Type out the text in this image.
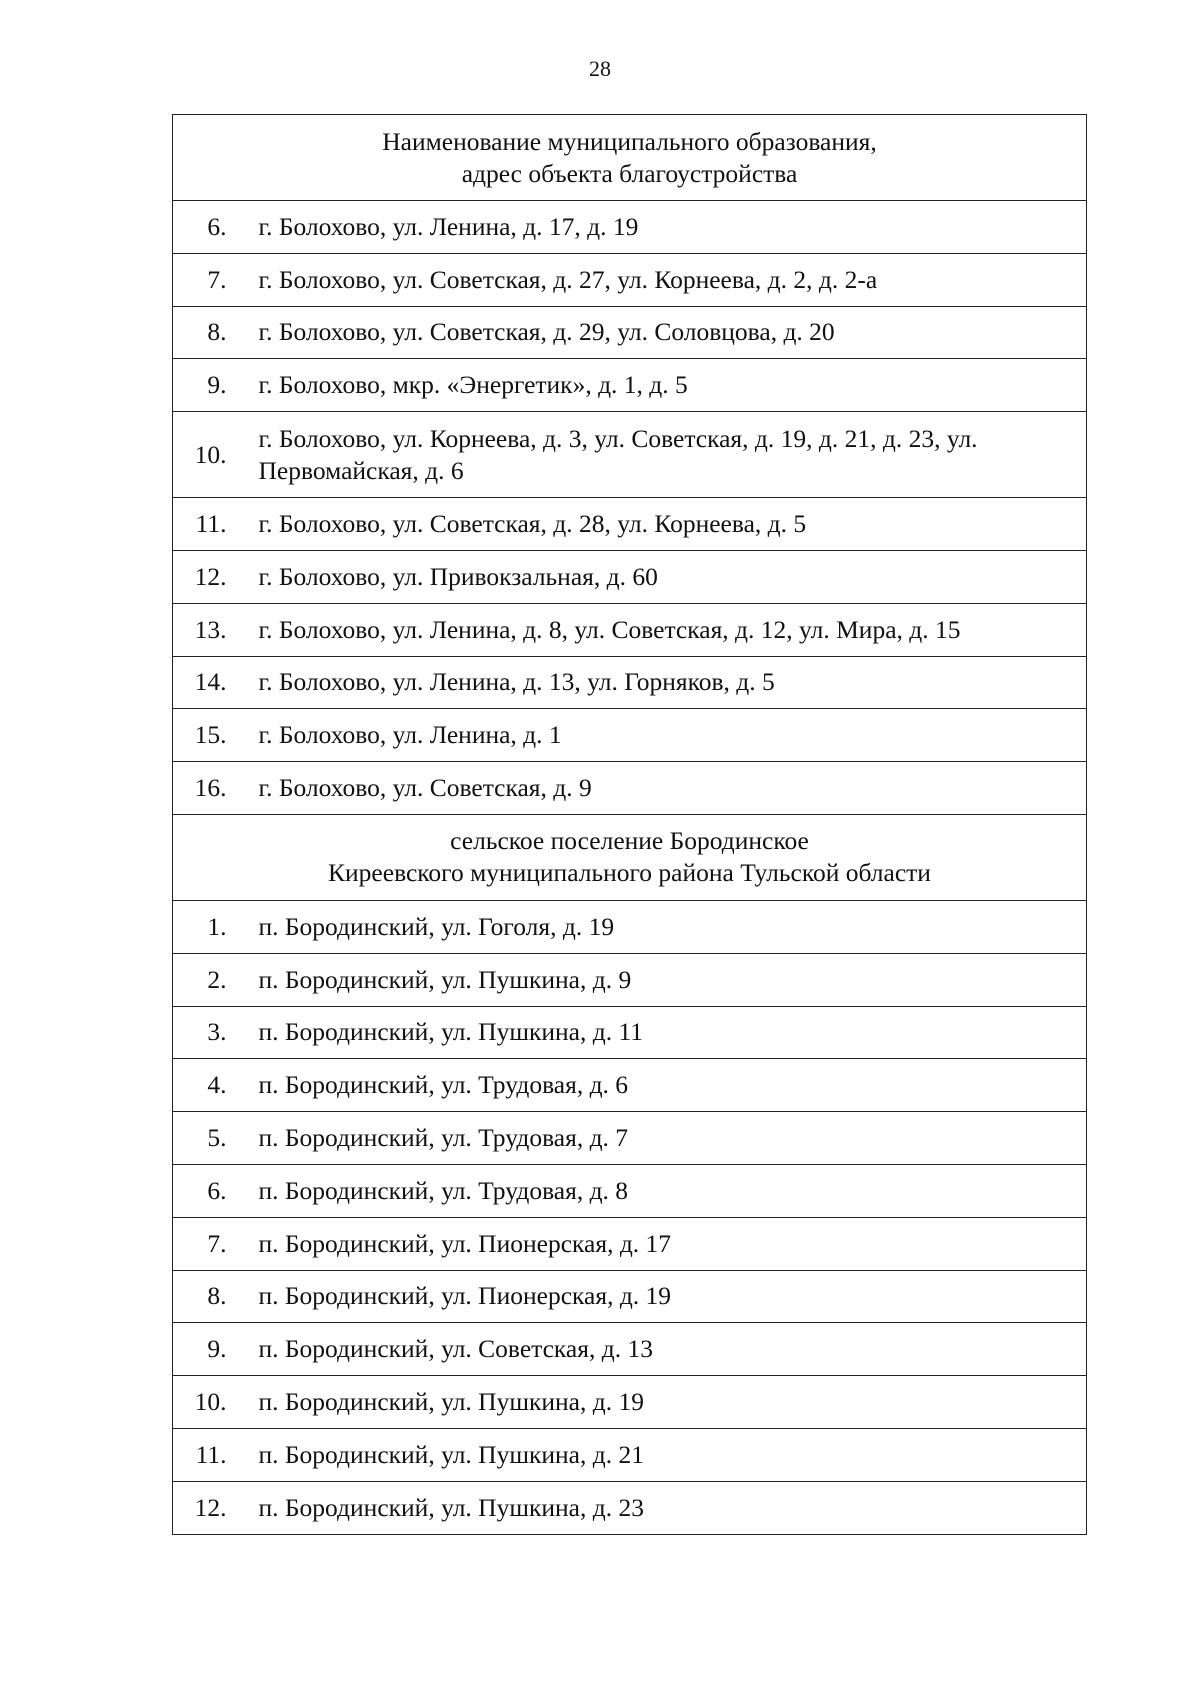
28
Наименование муниципального образования,
адрес объекта благоустройства	

6.	г. Болохово, ул. Ленина, д. 17, д. 19
7.	г. Болохово, ул. Советская, д. 27, ул. Корнеева, д. 2, д. 2-а
8.	г. Болохово, ул. Советская, д. 29, ул. Соловцова, д. 20
9.	г. Болохово, мкр. «Энергетик», д. 1, д. 5
10.	г. Болохово, ул. Корнеева, д. 3, ул. Советская, д. 19, д. 21, д. 23, ул.
Первомайская, д. 6

11.	г. Болохово, ул. Советская, д. 28, ул. Корнеева, д. 5
12.	г. Болохово, ул. Привокзальная, д. 60
13.	г. Болохово, ул. Ленина, д. 8, ул. Советская, д. 12, ул. Мира, д. 15
14.	г. Болохово, ул. Ленина, д. 13, ул. Горняков, д. 5
15.	г. Болохово, ул. Ленина, д. 1
16.	г. Болохово, ул. Советская, д. 9

сельское поселение Бородинское
Киреевского муниципального района Тульской области	

1.	п. Бородинский, ул. Гоголя, д. 19
2.	п. Бородинский, ул. Пушкина, д. 9
3.	п. Бородинский, ул. Пушкина, д. 11
4.	п. Бородинский, ул. Трудовая, д. 6
5.	п. Бородинский, ул. Трудовая, д. 7
6.	п. Бородинский, ул. Трудовая, д. 8
7.	п. Бородинский, ул. Пионерская, д. 17
8.	п. Бородинский, ул. Пионерская, д. 19
9.	п. Бородинский, ул. Советская, д. 13
10.	п. Бородинский, ул. Пушкина, д. 19
11.	п. Бородинский, ул. Пушкина, д. 21
12.	п. Бородинский, ул. Пушкина, д. 23
